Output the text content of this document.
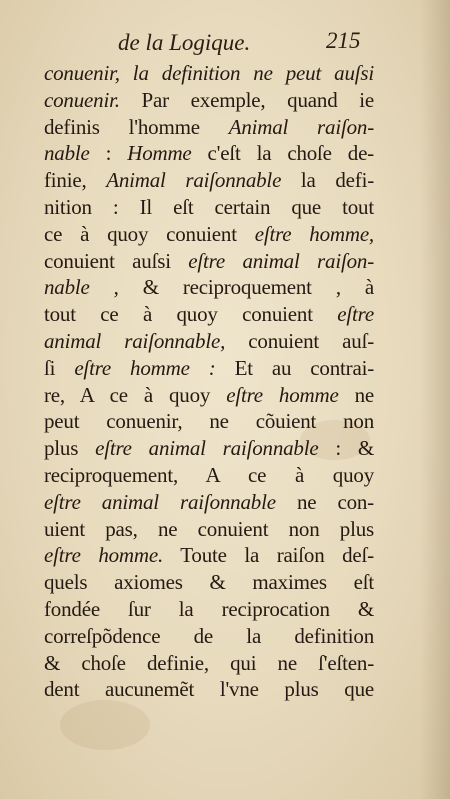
de la Logique.	215
conuenir, la definition ne peut auſsi
conuenir. Par exemple, quand ie
definis l'homme Animal raiſon-
nable : Homme c'eſt la choſe de-
finie, Animal raiſonnable la defi-
nition : Il eſt certain que tout
ce à quoy conuient eſtre homme,
conuient auſsi eſtre animal raiſon-
nable , & reciproquement , à
tout ce à quoy conuient eſtre
animal raiſonnable, conuient auſ-
ſi eſtre homme : Et au contrai-
re, A ce à quoy eſtre homme ne
peut conuenir, ne cõuient non
plus eſtre animal raiſonnable : &
reciproquement, A ce à quoy
eſtre animal raiſonnable ne con-
uient pas, ne conuient non plus
eſtre homme. Toute la raiſon deſ-
quels axiomes & maximes eſt
fondée ſur la reciprocation &
correſpõdence de la definition
& choſe definie, qui ne ſ'eſten-
dent aucunemẽt l'vne plus que
